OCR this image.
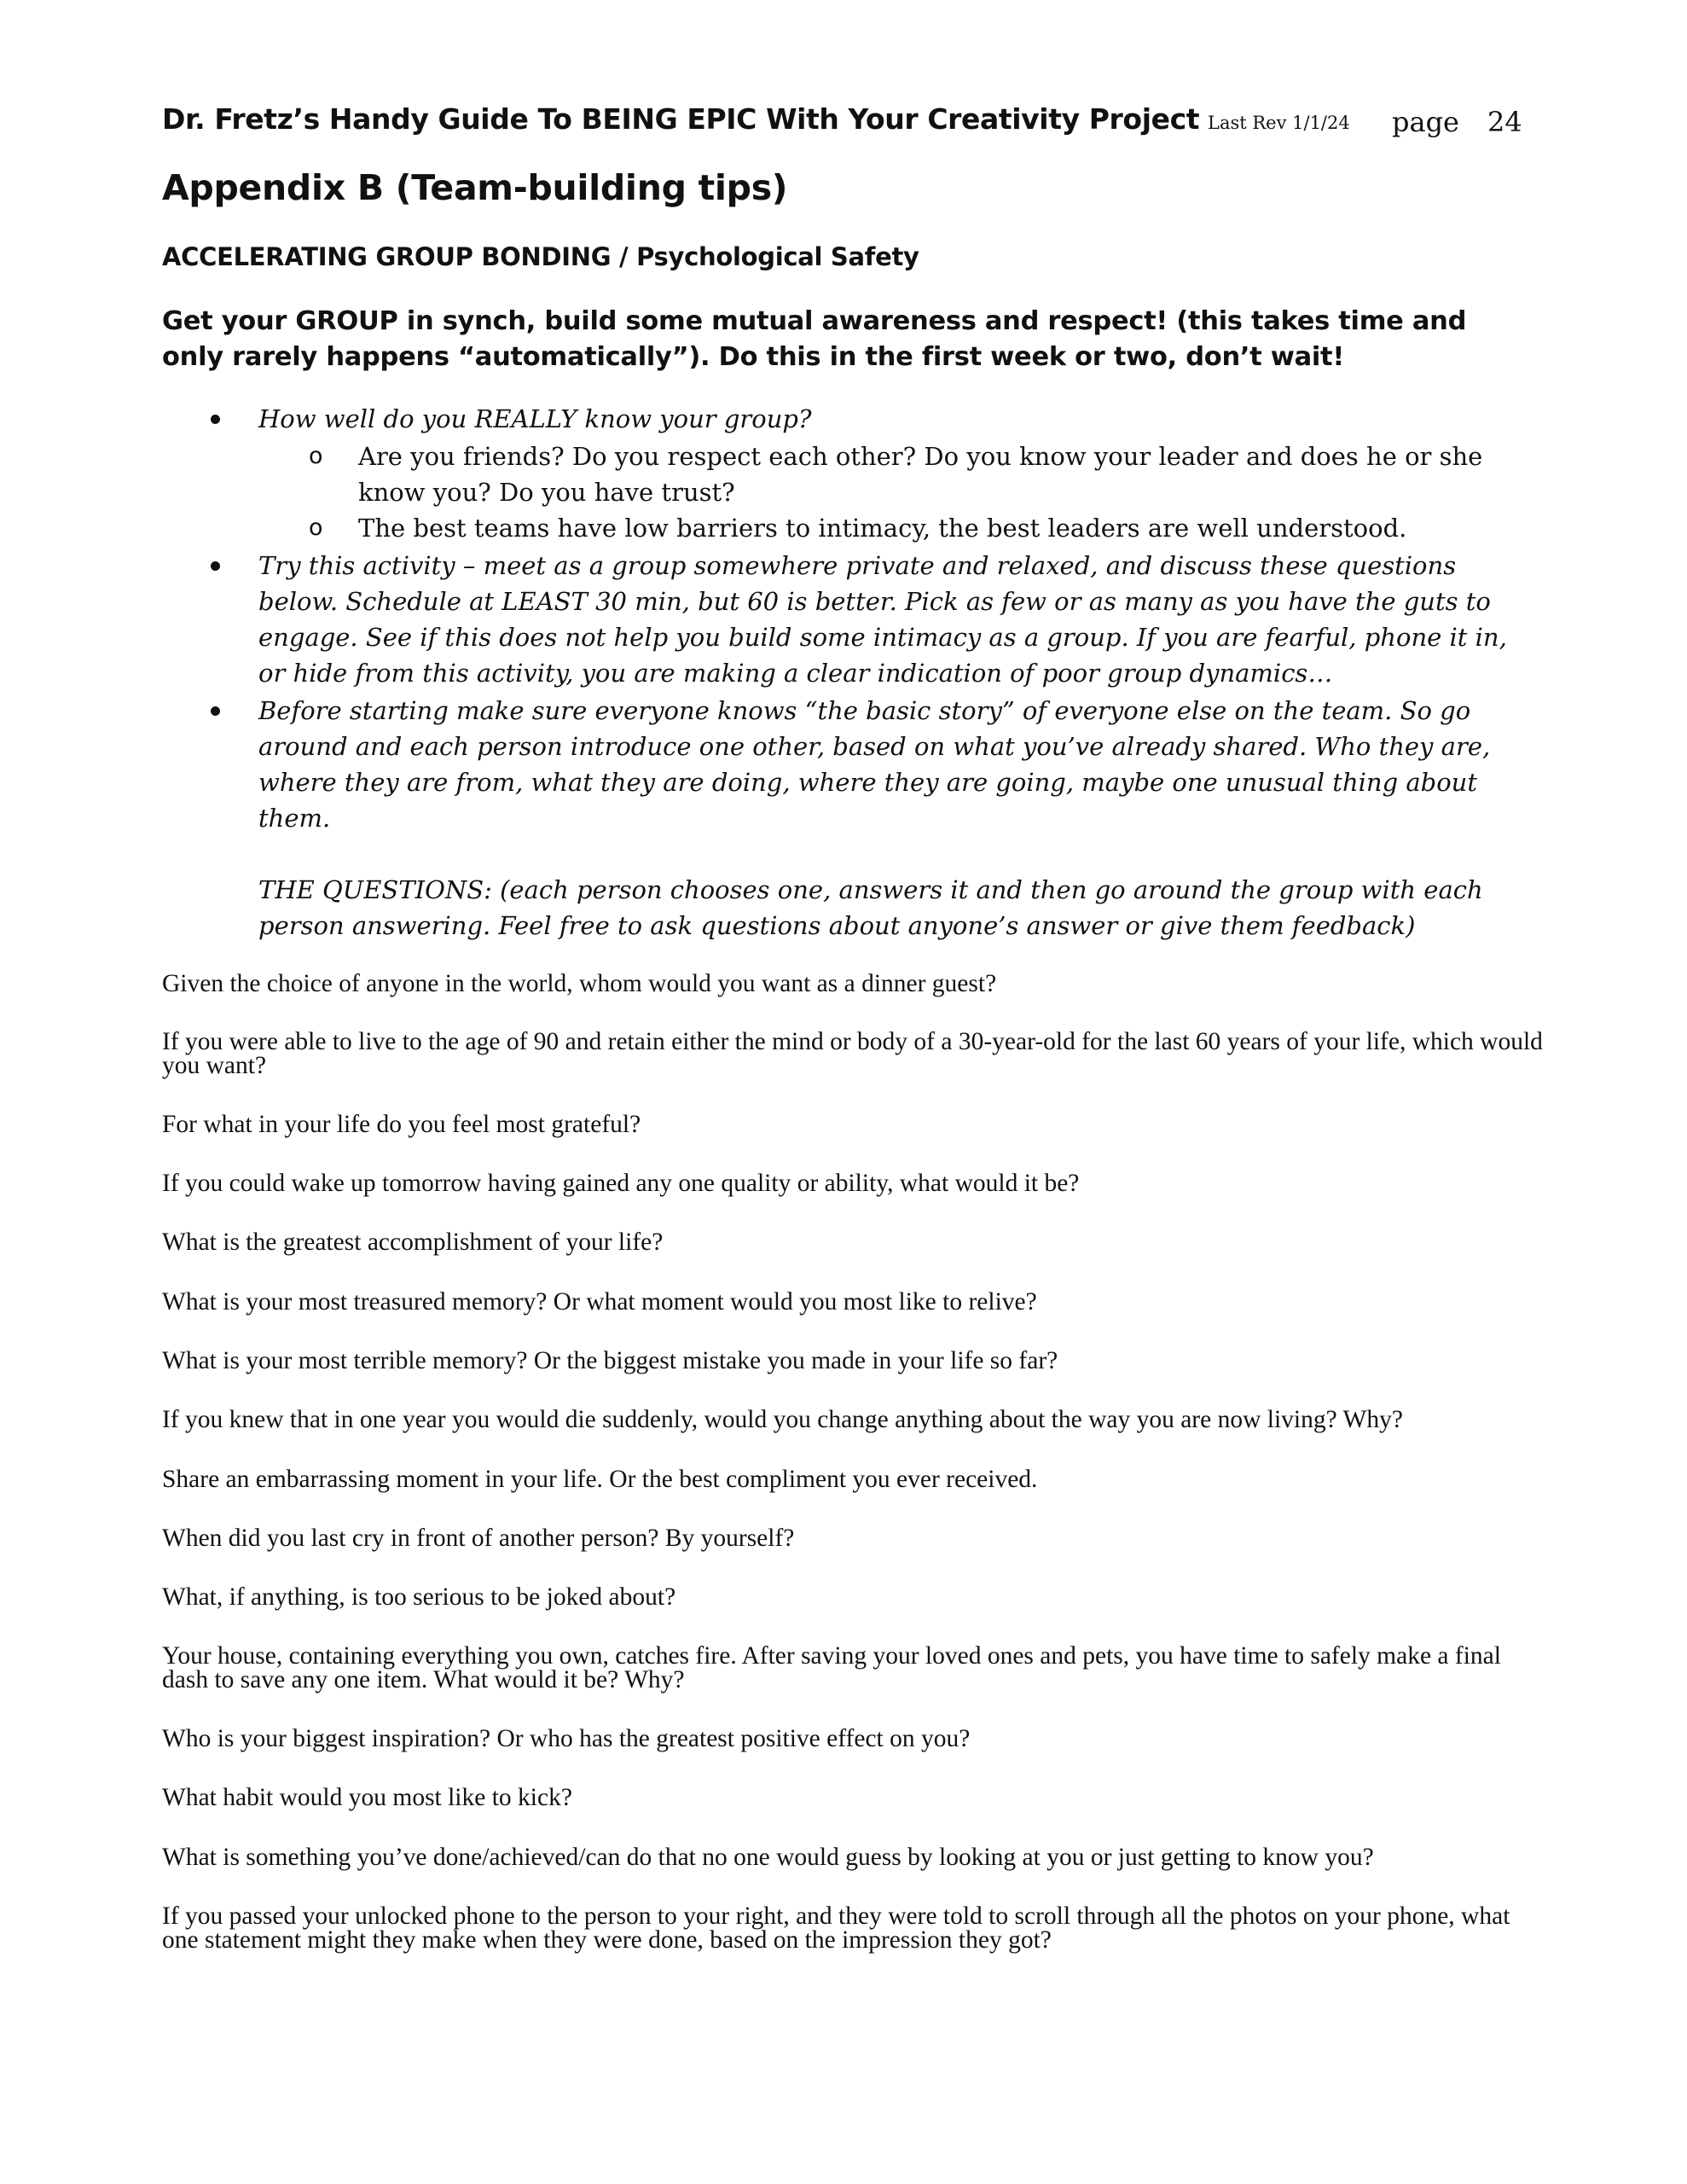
Dr. Fretz’s Handy Guide To BEING EPIC With Your Creativity Project Last Rev 1/1/24 page 24
Appendix B (Team-building tips)
ACCELERATING GROUP BONDING / Psychological Safety
Get your GROUP in synch, build some mutual awareness and respect! (this takes time and only rarely happens “automatically”). Do this in the first week or two, don’t wait!
How well do you REALLY know your group?
o Are you friends? Do you respect each other? Do you know your leader and does he or she
know you? Do you have trust?
o The best teams have low barriers to intimacy, the best leaders are well understood.
Try this activity – meet as a group somewhere private and relaxed, and discuss these questions
below. Schedule at LEAST 30 min, but 60 is better. Pick as few or as many as you have the guts to
engage. See if this does not help you build some intimacy as a group. If you are fearful, phone it in,
or hide from this activity, you are making a clear indication of poor group dynamics…
Before starting make sure everyone knows “the basic story” of everyone else on the team. So go
around and each person introduce one other, based on what you’ve already shared. Who they are,
where they are from, what they are doing, where they are going, maybe one unusual thing about
them.
THE QUESTIONS: (each person chooses one, answers it and then go around the group with each
person answering. Feel free to ask questions about anyone’s answer or give them feedback)
Given the choice of anyone in the world, whom would you want as a dinner guest?
If you were able to live to the age of 90 and retain either the mind or body of a 30-year-old for the last 60 years of your life, which would you want?
For what in your life do you feel most grateful?
If you could wake up tomorrow having gained any one quality or ability, what would it be?
What is the greatest accomplishment of your life?
What is your most treasured memory? Or what moment would you most like to relive?
What is your most terrible memory? Or the biggest mistake you made in your life so far?
If you knew that in one year you would die suddenly, would you change anything about the way you are now living? Why?
Share an embarrassing moment in your life. Or the best compliment you ever received.
When did you last cry in front of another person? By yourself?
What, if anything, is too serious to be joked about?
Your house, containing everything you own, catches fire. After saving your loved ones and pets, you have time to safely make a final dash to save any one item. What would it be? Why?
Who is your biggest inspiration? Or who has the greatest positive effect on you?
What habit would you most like to kick?
What is something you’ve done/achieved/can do that no one would guess by looking at you or just getting to know you?
If you passed your unlocked phone to the person to your right, and they were told to scroll through all the photos on your phone, what one statement might they make when they were done, based on the impression they got?
